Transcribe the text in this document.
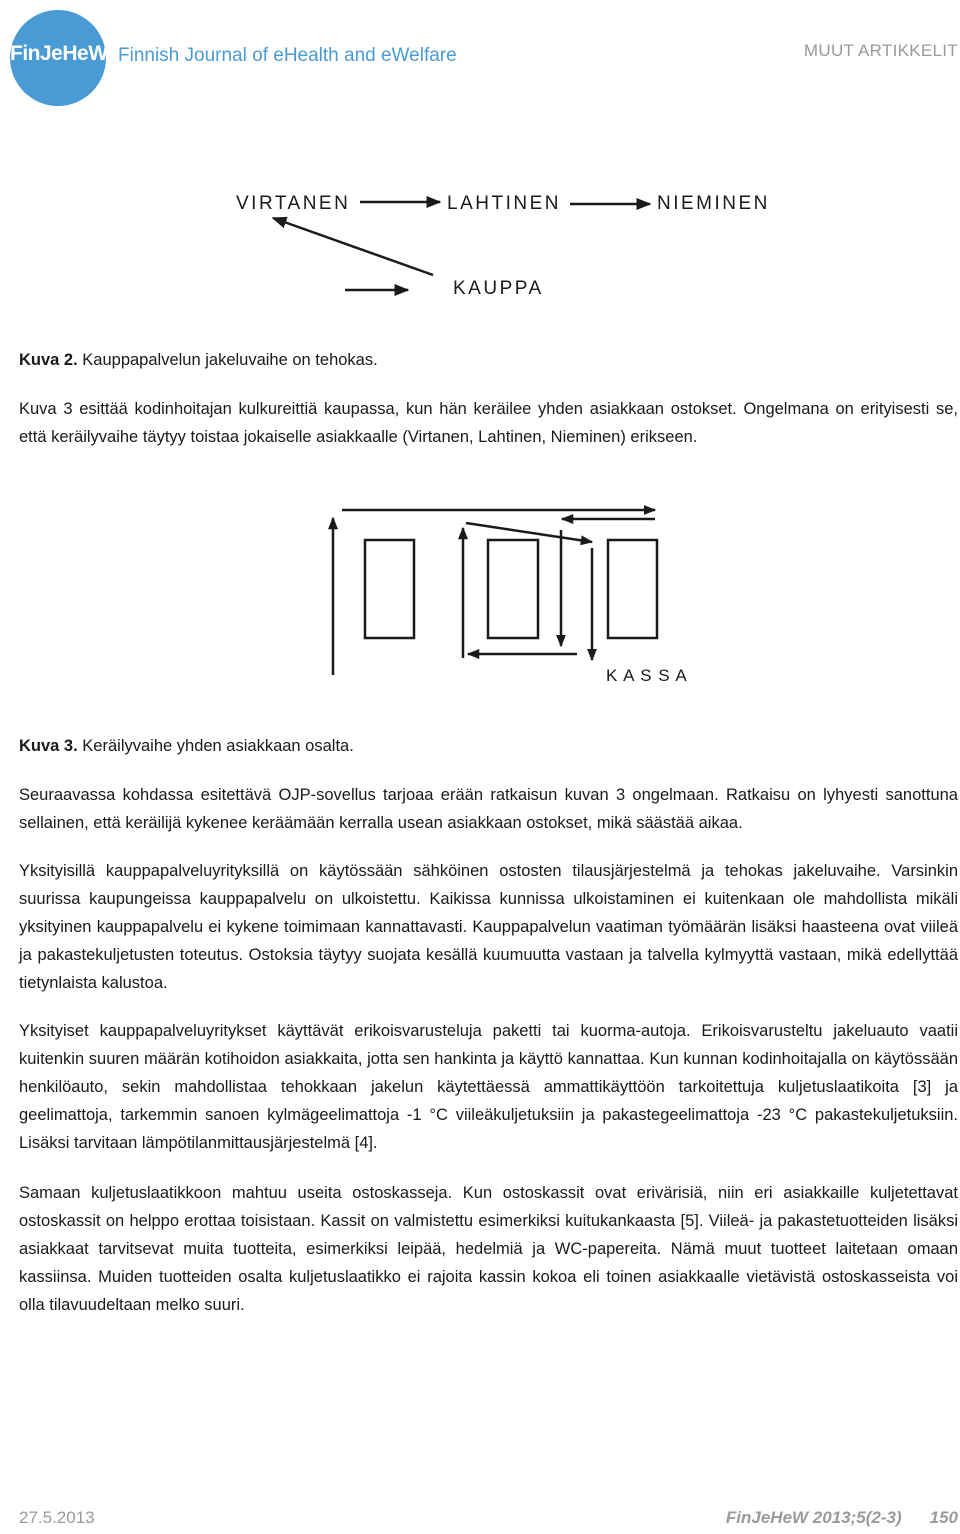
FinJeHeW Finnish Journal of eHealth and eWelfare	MUUT ARTIKKELIT
VIRTANEN	LAHTINEN	NIEMINEN
KAUPPA
Kuva 2. Kauppapalvelun jakeluvaihe on tehokas.
Kuva 3 esittää kodinhoitajan kulkureittiä kaupassa, kun hän keräilee yhden asiakkaan ostokset. Ongelmana on erityisesti se, että keräilyvaihe täytyy toistaa jokaiselle asiakkaalle (Virtanen, Lahtinen, Nieminen) erikseen.
K A S S A
Kuva 3. Keräilyvaihe yhden asiakkaan osalta.
Seuraavassa kohdassa esitettävä OJP-sovellus tarjoaa erään ratkaisun kuvan 3 ongelmaan. Ratkaisu on lyhyesti sanottuna sellainen, että keräilijä kykenee keräämään kerralla usean asiakkaan ostokset, mikä säästää aikaa.
Yksityisillä kauppapalveluyrityksillä on käytössään sähköinen ostosten tilausjärjestelmä ja tehokas jakeluvaihe. Varsinkin suurissa kaupungeissa kauppapalvelu on ulkoistettu. Kaikissa kunnissa ulkoistaminen ei kuitenkaan ole mahdollista mikäli yksityinen kauppapalvelu ei kykene toimimaan kannattavasti. Kauppapalvelun vaatiman työmäärän lisäksi haasteena ovat viileä ja pakastekuljetusten toteutus. Ostoksia täytyy suojata kesällä kuumuutta vastaan ja talvella kylmyyttä vastaan, mikä edellyttää tietynlaista kalustoa.
Yksityiset kauppapalveluyritykset käyttävät erikoisvarusteluja paketti tai kuorma-autoja. Erikoisvarusteltu jakeluauto vaatii kuitenkin suuren määrän kotihoidon asiakkaita, jotta sen hankinta ja käyttö kannattaa. Kun kunnan kodinhoitajalla on käytössään henkilöauto, sekin mahdollistaa tehokkaan jakelun käytettäessä ammattikäyttöön tarkoitettuja kuljetuslaatikoita [3] ja geelimattoja, tarkemmin sanoen kylmägeelimattoja -1 °C viileäkuljetuksiin ja pakastegeelimattoja -23 °C pakastekuljetuksiin. Lisäksi tarvitaan lämpötilanmittausjärjestelmä [4].
Samaan kuljetuslaatikkoon mahtuu useita ostoskasseja. Kun ostoskassit ovat erivärisiä, niin eri asiakkaille kuljetettavat ostoskassit on helppo erottaa toisistaan. Kassit on valmistettu esimerkiksi kuitukankaasta [5]. Viileä- ja pakastetuotteiden lisäksi asiakkaat tarvitsevat muita tuotteita, esimerkiksi leipää, hedelmiä ja WC-papereita. Nämä muut tuotteet laitetaan omaan kassiinsa. Muiden tuotteiden osalta kuljetuslaatikko ei rajoita kassin kokoa eli toinen asiakkaalle vietävistä ostoskasseista voi olla tilavuudeltaan melko suuri.
27.5.2013	FinJeHeW 2013;5(2-3) 150
